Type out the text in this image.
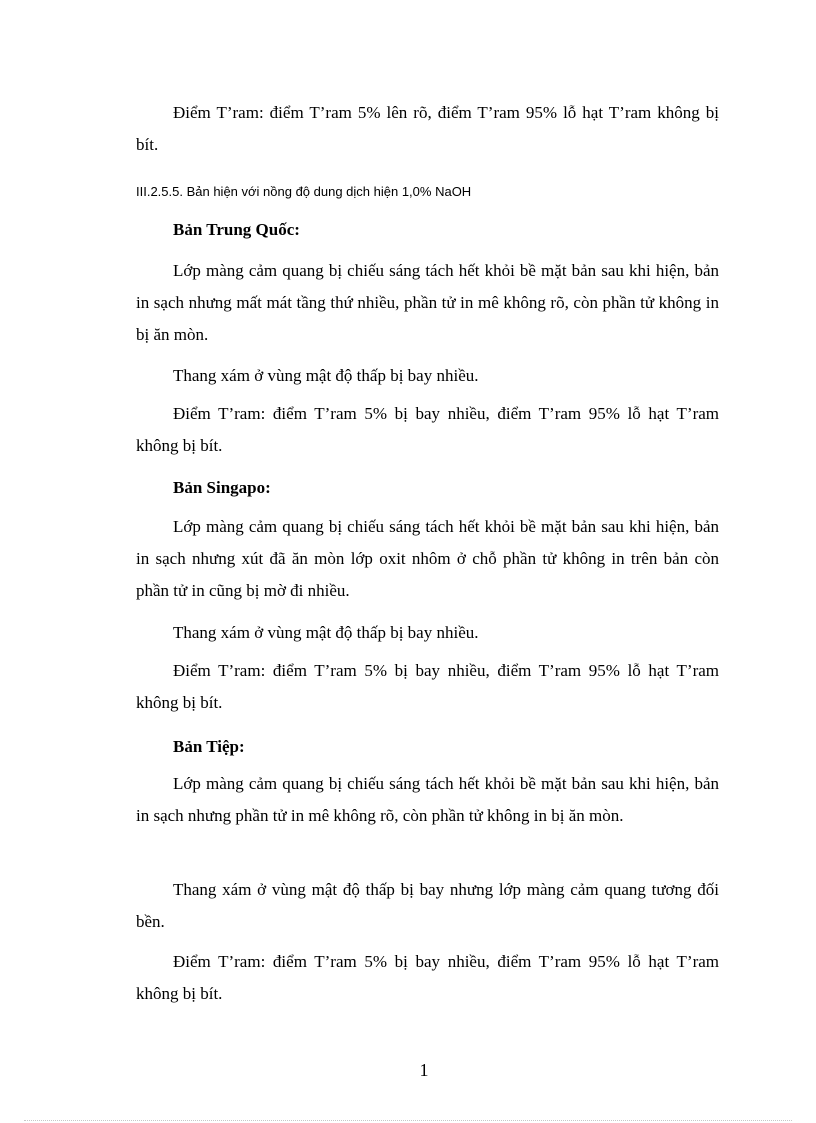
Điểm T’ram: điểm T’ram 5% lên rõ, điểm T’ram 95% lỗ hạt T’ram không bị bít.

III.2.5.5. Bản hiện với nồng độ dung dịch hiện 1,0% NaOH

Bản Trung Quốc:

Lớp màng cảm quang bị chiếu sáng tách hết khỏi bề mặt bản sau khi hiện, bản in sạch nhưng mất mát tầng thứ nhiều, phần tử in mê không rõ, còn phần tử không in bị ăn mòn.

Thang xám ở vùng mật độ thấp bị bay nhiều.

Điểm T’ram: điểm T’ram 5% bị bay nhiều, điểm T’ram 95% lỗ hạt T’ram không bị bít.

Bản Singapo:

Lớp màng cảm quang bị chiếu sáng tách hết khỏi bề mặt bản sau khi hiện, bản in sạch nhưng xút đã ăn mòn lớp oxit nhôm ở chỗ phần tử không in trên bản còn phần tử in cũng bị mờ đi nhiều.

Thang xám ở vùng mật độ thấp bị bay nhiều.

Điểm T’ram: điểm T’ram 5% bị bay nhiều, điểm T’ram 95% lỗ hạt T’ram không bị bít.

Bản Tiệp:

Lớp màng cảm quang bị chiếu sáng tách hết khỏi bề mặt bản sau khi hiện, bản in sạch nhưng phần tử in mê không rõ, còn phần tử không in bị ăn mòn.

Thang xám ở vùng mật độ thấp bị bay nhưng lớp màng cảm quang tương đối bền.

Điểm T’ram: điểm T’ram 5% bị bay nhiều, điểm T’ram 95% lỗ hạt T’ram không bị bít.

1
